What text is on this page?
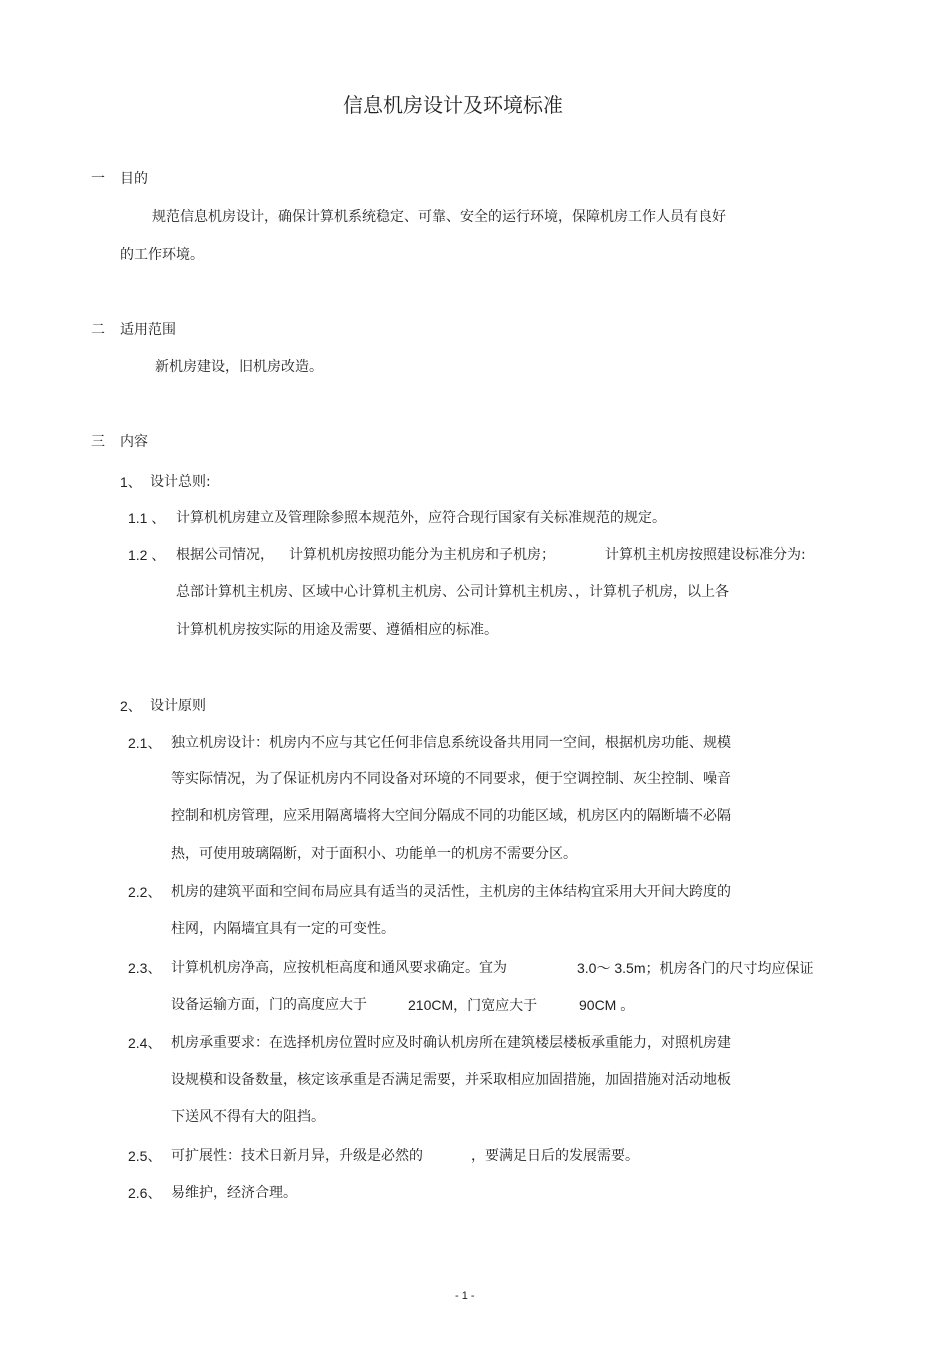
信息机房设计及环境标准
一 目的
规范信息机房设计，确保计算机系统稳定、可靠、安全的运行环境，保障机房工作人员有良好
的工作环境。
二 适用范围
新机房建设，旧机房改造。
三 内容
1、 设计总则:
1.1 、 计算机机房建立及管理除参照本规范外，应符合现行国家有关标准规范的规定。
1.2 、 根据公司情况， 计算机机房按照功能分为主机房和子机房；	计算机主机房按照建设标准分为:
总部计算机主机房、区域中心计算机主机房、公司计算机主机房、，计算机子机房，以上各
计算机机房按实际的用途及需要、遵循相应的标准。
2、 设计原则
2.1、 独立机房设计：机房内不应与其它任何非信息系统设备共用同一空间，根据机房功能、规模
等实际情况，为了保证机房内不同设备对环境的不同要求，便于空调控制、灰尘控制、噪音
控制和机房管理，应采用隔离墙将大空间分隔成不同的功能区域，机房区内的隔断墙不必隔
热，可使用玻璃隔断，对于面积小、功能单一的机房不需要分区。
2.2、 机房的建筑平面和空间布局应具有适当的灵活性，主机房的主体结构宜采用大开间大跨度的
柱网，内隔墙宜具有一定的可变性。
2.3、 计算机机房净高，应按机柜高度和通风要求确定。宜为	3.0～ 3.5m；机房各门的尺寸均应保证
设备运输方面，门的高度应大于	210CM，门宽应大于	90CM 。
2.4、 机房承重要求：在选择机房位置时应及时确认机房所在建筑楼层楼板承重能力，对照机房建
设规模和设备数量，核定该承重是否满足需要，并采取相应加固措施，加固措施对活动地板
下送风不得有大的阻挡。
2.5、 可扩展性：技术日新月异，升级是必然的	，要满足日后的发展需要。
2.6、 易维护，经济合理。
- 1 -
